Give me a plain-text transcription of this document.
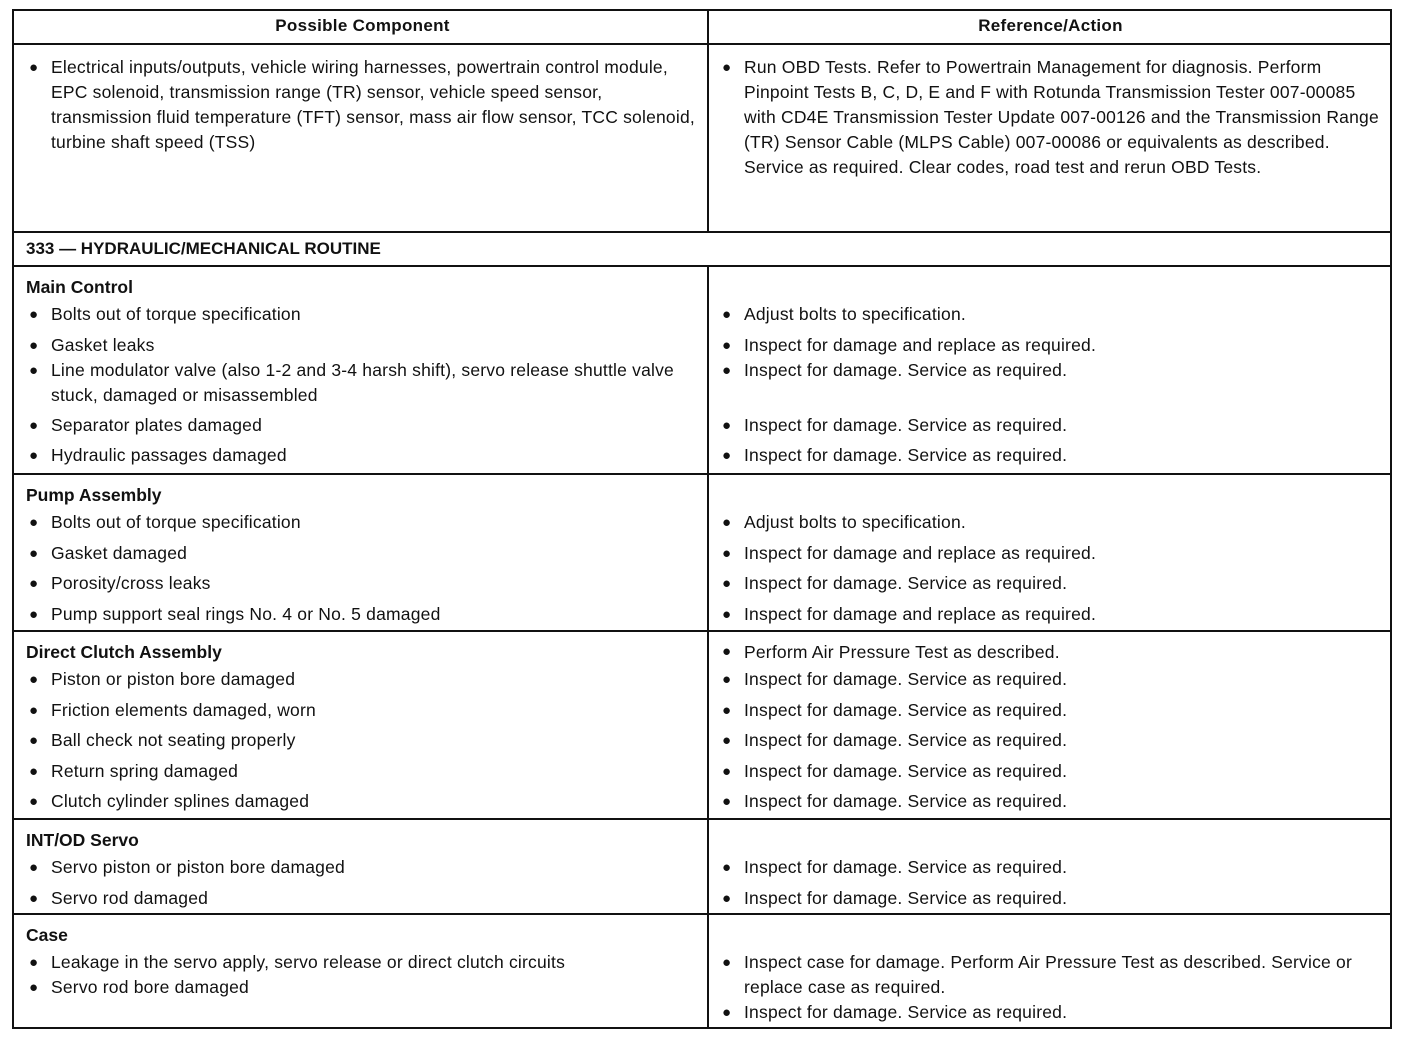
Possible Component	Reference/Action
● Electrical inputs/outputs, vehicle wiring harnesses, powertrain control module, EPC solenoid, transmission range (TR) sensor, vehicle speed sensor, transmission fluid temperature (TFT) sensor, mass air flow sensor, TCC solenoid, turbine shaft speed (TSS)
● Run OBD Tests. Refer to Powertrain Management for diagnosis. Perform Pinpoint Tests B, C, D, E and F with Rotunda Transmission Tester 007-00085 with CD4E Transmission Tester Update 007-00126 and the Transmission Range (TR) Sensor Cable (MLPS Cable) 007-00086 or equivalents as described. Service as required. Clear codes, road test and rerun OBD Tests.
333 — HYDRAULIC/MECHANICAL ROUTINE
Main Control
● Bolts out of torque specification
● Gasket leaks
● Line modulator valve (also 1-2 and 3-4 harsh shift), servo release shuttle valve stuck, damaged or misassembled
● Separator plates damaged
● Hydraulic passages damaged
● Adjust bolts to specification.
● Inspect for damage and replace as required.
● Inspect for damage. Service as required.
● Inspect for damage. Service as required.
● Inspect for damage. Service as required.
Pump Assembly
● Bolts out of torque specification
● Gasket damaged
● Porosity/cross leaks
● Pump support seal rings No. 4 or No. 5 damaged
● Adjust bolts to specification.
● Inspect for damage and replace as required.
● Inspect for damage. Service as required.
● Inspect for damage and replace as required.
Direct Clutch Assembly
● Piston or piston bore damaged
● Friction elements damaged, worn
● Ball check not seating properly
● Return spring damaged
● Clutch cylinder splines damaged
● Perform Air Pressure Test as described.
● Inspect for damage. Service as required.
● Inspect for damage. Service as required.
● Inspect for damage. Service as required.
● Inspect for damage. Service as required.
● Inspect for damage. Service as required.
INT/OD Servo
● Servo piston or piston bore damaged
● Servo rod damaged
● Inspect for damage. Service as required.
● Inspect for damage. Service as required.
Case
● Leakage in the servo apply, servo release or direct clutch circuits
● Servo rod bore damaged
● Inspect case for damage. Perform Air Pressure Test as described. Service or replace case as required.
● Inspect for damage. Service as required.
